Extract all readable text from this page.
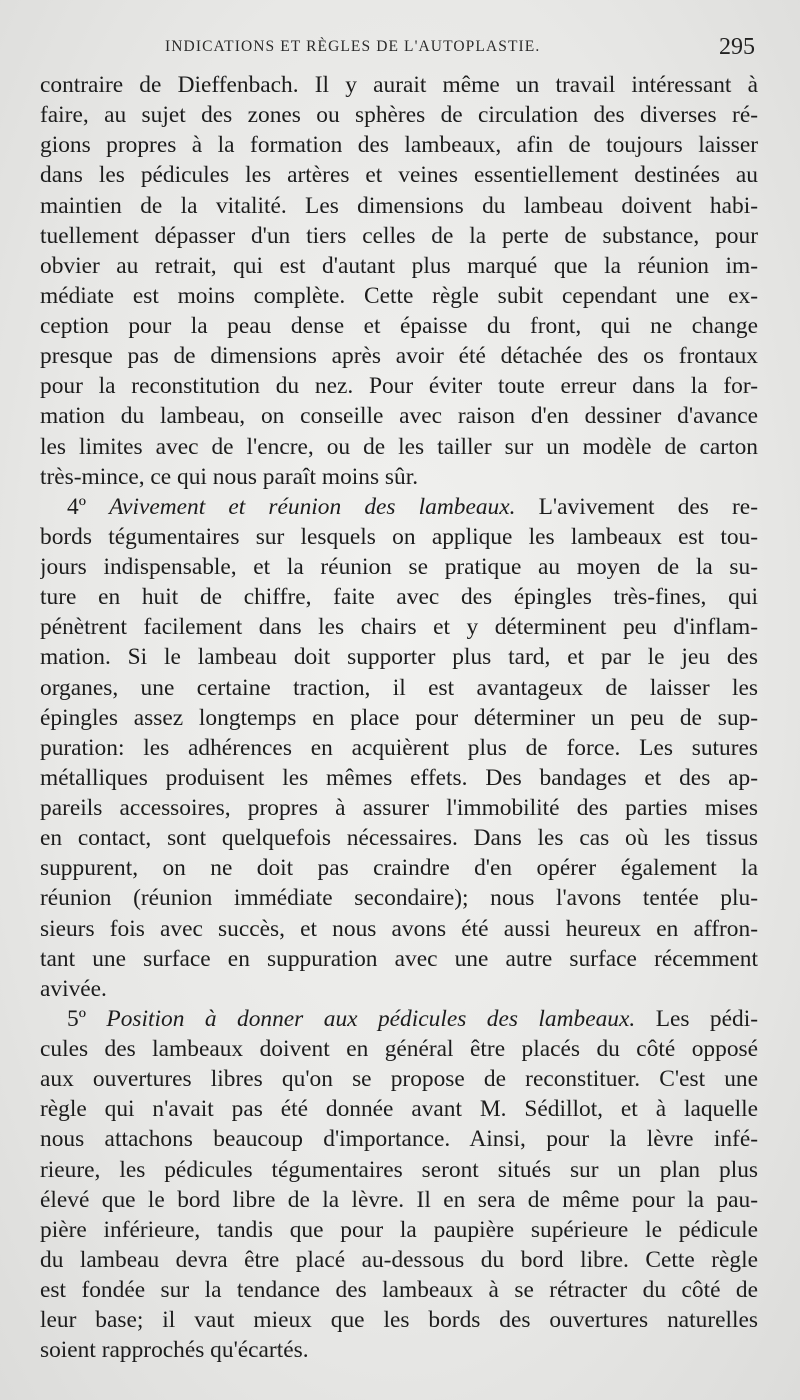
INDICATIONS ET RÈGLES DE L'AUTOPLASTIE.	295
contraire de Dieffenbach. Il y aurait même un travail intéressant à
faire, au sujet des zones ou sphères de circulation des diverses ré-
gions propres à la formation des lambeaux, afin de toujours laisser
dans les pédicules les artères et veines essentiellement destinées au
maintien de la vitalité. Les dimensions du lambeau doivent habi-
tuellement dépasser d'un tiers celles de la perte de substance, pour
obvier au retrait, qui est d'autant plus marqué que la réunion im-
médiate est moins complète. Cette règle subit cependant une ex-
ception pour la peau dense et épaisse du front, qui ne change
presque pas de dimensions après avoir été détachée des os frontaux
pour la reconstitution du nez. Pour éviter toute erreur dans la for-
mation du lambeau, on conseille avec raison d'en dessiner d'avance
les limites avec de l'encre, ou de les tailler sur un modèle de carton
très-mince, ce qui nous paraît moins sûr.
4º Avivement et réunion des lambeaux. L'avivement des re-
bords tégumentaires sur lesquels on applique les lambeaux est tou-
jours indispensable, et la réunion se pratique au moyen de la su-
ture en huit de chiffre, faite avec des épingles très-fines, qui
pénètrent facilement dans les chairs et y déterminent peu d'inflam-
mation. Si le lambeau doit supporter plus tard, et par le jeu des
organes, une certaine traction, il est avantageux de laisser les
épingles assez longtemps en place pour déterminer un peu de sup-
puration: les adhérences en acquièrent plus de force. Les sutures
métalliques produisent les mêmes effets. Des bandages et des ap-
pareils accessoires, propres à assurer l'immobilité des parties mises
en contact, sont quelquefois nécessaires. Dans les cas où les tissus
suppurent, on ne doit pas craindre d'en opérer également la
réunion (réunion immédiate secondaire); nous l'avons tentée plu-
sieurs fois avec succès, et nous avons été aussi heureux en affron-
tant une surface en suppuration avec une autre surface récemment
avivée.
5º Position à donner aux pédicules des lambeaux. Les pédi-
cules des lambeaux doivent en général être placés du côté opposé
aux ouvertures libres qu'on se propose de reconstituer. C'est une
règle qui n'avait pas été donnée avant M. Sédillot, et à laquelle
nous attachons beaucoup d'importance. Ainsi, pour la lèvre infé-
rieure, les pédicules tégumentaires seront situés sur un plan plus
élevé que le bord libre de la lèvre. Il en sera de même pour la pau-
pière inférieure, tandis que pour la paupière supérieure le pédicule
du lambeau devra être placé au-dessous du bord libre. Cette règle
est fondée sur la tendance des lambeaux à se rétracter du côté de
leur base; il vaut mieux que les bords des ouvertures naturelles
soient rapprochés qu'écartés.
